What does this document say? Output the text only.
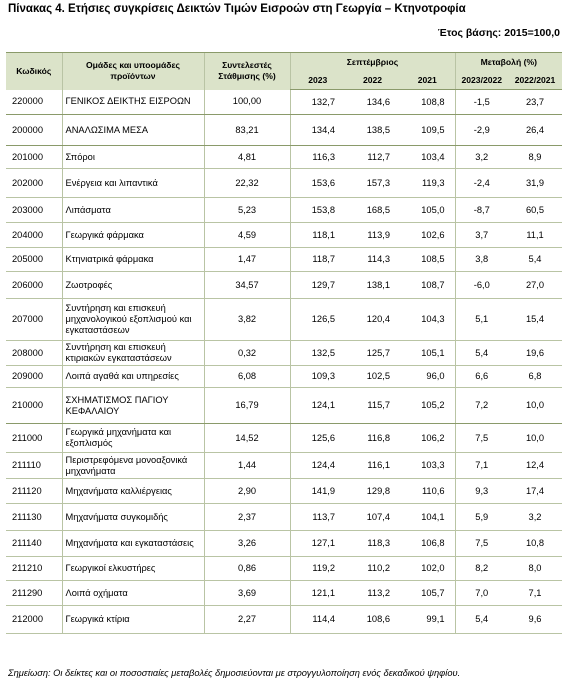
Πίνακας 4. Ετήσιες συγκρίσεις Δεικτών Τιμών Εισροών στη Γεωργία – Κτηνοτροφία
Έτος βάσης: 2015=100,0
Κωδικός	Ομάδες και υποομάδες προϊόντων	Συντελεστές Στάθμισης (%)	Σεπτέμβριος			Μεταβολή (%)	
			2023	2022	2021	2023/2022	2022/2021
220000	ΓΕΝΙΚΟΣ ΔΕΙΚΤΗΣ ΕΙΣΡΟΩΝ	100,00	132,7	134,6	108,8	-1,5	23,7
200000	ΑΝΑΛΩΣΙΜΑ ΜΕΣΑ	83,21	134,4	138,5	109,5	-2,9	26,4
201000	Σπόροι	4,81	116,3	112,7	103,4	3,2	8,9
202000	Ενέργεια και λιπαντικά	22,32	153,6	157,3	119,3	-2,4	31,9
203000	Λιπάσματα	5,23	153,8	168,5	105,0	-8,7	60,5
204000	Γεωργικά φάρμακα	4,59	118,1	113,9	102,6	3,7	11,1
205000	Κτηνιατρικά φάρμακα	1,47	118,7	114,3	108,5	3,8	5,4
206000	Ζωοτροφές	34,57	129,7	138,1	108,7	-6,0	27,0
207000	Συντήρηση και επισκευή μηχανολογικού εξοπλισμού και εγκαταστάσεων	3,82	126,5	120,4	104,3	5,1	15,4
208000	Συντήρηση και επισκευή κτιριακών εγκαταστάσεων	0,32	132,5	125,7	105,1	5,4	19,6
209000	Λοιπά αγαθά και υπηρεσίες	6,08	109,3	102,5	96,0	6,6	6,8
210000	ΣΧΗΜΑΤΙΣΜΟΣ ΠΑΓΙΟΥ ΚΕΦΑΛΑΙΟΥ	16,79	124,1	115,7	105,2	7,2	10,0
211000	Γεωργικά μηχανήματα και εξοπλισμός	14,52	125,6	116,8	106,2	7,5	10,0
211110	Περιστρεφόμενα μονοαξονικά μηχανήματα	1,44	124,4	116,1	103,3	7,1	12,4
211120	Μηχανήματα καλλιέργειας	2,90	141,9	129,8	110,6	9,3	17,4
211130	Μηχανήματα συγκομιδής	2,37	113,7	107,4	104,1	5,9	3,2
211140	Μηχανήματα και εγκαταστάσεις	3,26	127,1	118,3	106,8	7,5	10,8
211210	Γεωργικοί ελκυστήρες	0,86	119,2	110,2	102,0	8,2	8,0
211290	Λοιπά οχήματα	3,69	121,1	113,2	105,7	7,0	7,1
212000	Γεωργικά κτίρια	2,27	114,4	108,6	99,1	5,4	9,6
Σημείωση: Οι δείκτες και οι ποσοστιαίες μεταβολές δημοσιεύονται με στρογγυλοποίηση ενός δεκαδικού ψηφίου.
